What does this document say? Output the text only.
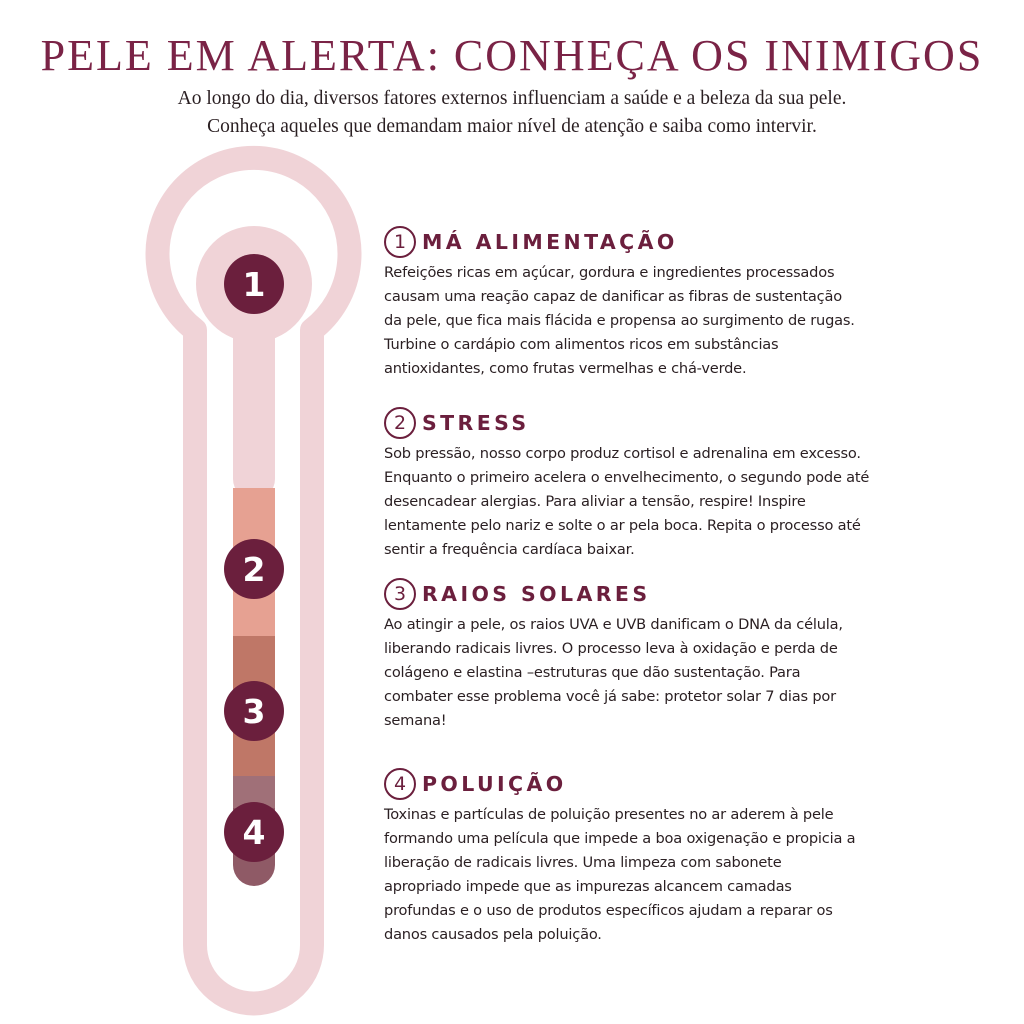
PELE EM ALERTA: CONHEÇA OS INIMIGOS
Ao longo do dia, diversos fatores externos influenciam a saúde e a beleza da sua pele.
Conheça aqueles que demandam maior nível de atenção e saiba como intervir.
1
2
3
4
1 MÁ ALIMENTAÇÃO
Refeições ricas em açúcar, gordura e ingredientes processados
causam uma reação capaz de danificar as fibras de sustentação
da pele, que fica mais flácida e propensa ao surgimento de rugas.
Turbine o cardápio com alimentos ricos em substâncias
antioxidantes, como frutas vermelhas e chá-verde.
2 STRESS
Sob pressão, nosso corpo produz cortisol e adrenalina em excesso.
Enquanto o primeiro acelera o envelhecimento, o segundo pode até
desencadear alergias. Para aliviar a tensão, respire! Inspire
lentamente pelo nariz e solte o ar pela boca. Repita o processo até
sentir a frequência cardíaca baixar.
3 RAIOS SOLARES
Ao atingir a pele, os raios UVA e UVB danificam o DNA da célula,
liberando radicais livres. O processo leva à oxidação e perda de
colágeno e elastina –estruturas que dão sustentação. Para
combater esse problema você já sabe: protetor solar 7 dias por
semana!
4 POLUIÇÃO
Toxinas e partículas de poluição presentes no ar aderem à pele
formando uma película que impede a boa oxigenação e propicia a
liberação de radicais livres. Uma limpeza com sabonete
apropriado impede que as impurezas alcancem camadas
profundas e o uso de produtos específicos ajudam a reparar os
danos causados pela poluição.
